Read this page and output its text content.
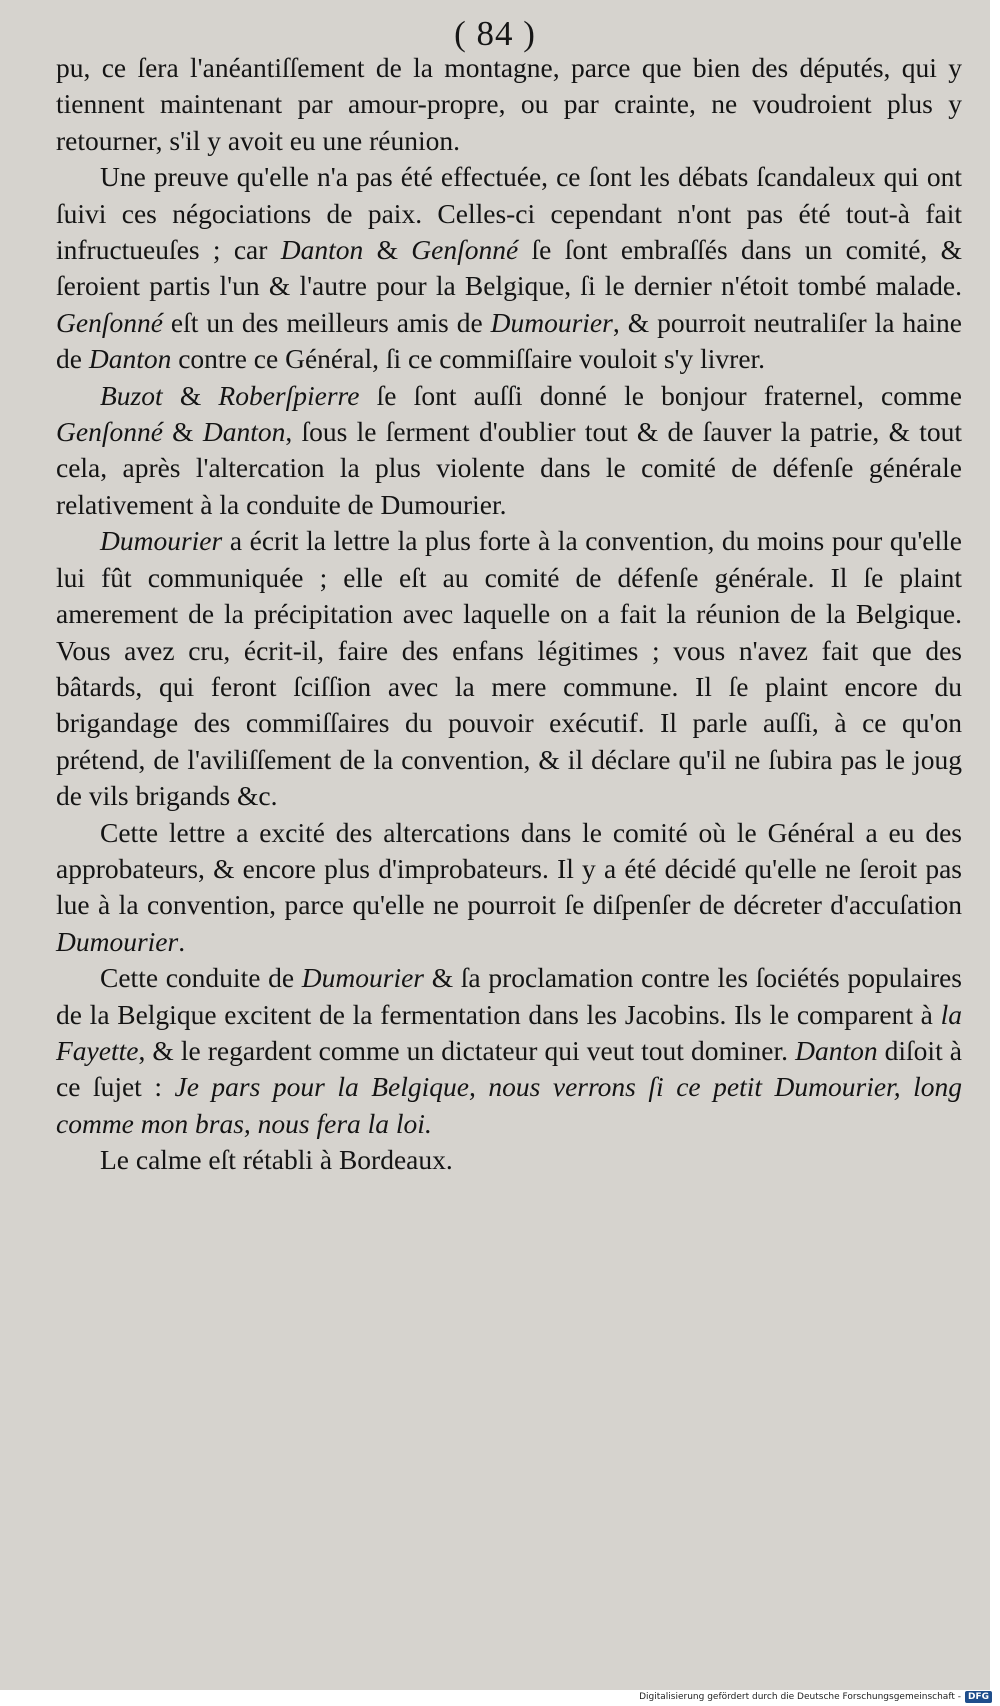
( 84 )

pu, ce ſera l'anéantiſſement de la montagne, parce que bien des députés, qui y tiennent maintenant par amour-propre, ou par crainte, ne voudroient plus y retourner, s'il y avoit eu une réunion.

Une preuve qu'elle n'a pas été effectuée, ce ſont les débats ſcandaleux qui ont ſuivi ces négociations de paix. Celles-ci cependant n'ont pas été tout-à fait infructueuſes ; car Danton & Genſonné ſe ſont embraſſés dans un comité, & ſeroient partis l'un & l'autre pour la Belgique, ſi le dernier n'étoit tombé malade. Genſonné eſt un des meilleurs amis de Dumourier, & pourroit neutraliſer la haine de Danton contre ce Général, ſi ce commiſſaire vouloit s'y livrer.

Buzot & Roberſpierre ſe ſont auſſi donné le bonjour fraternel, comme Genſonné & Danton, ſous le ſerment d'oublier tout & de ſauver la patrie, & tout cela, après l'altercation la plus violente dans le comité de défenſe générale relativement à la conduite de Dumourier.

Dumourier a écrit la lettre la plus forte à la convention, du moins pour qu'elle lui fût communiquée ; elle eſt au comité de défenſe générale. Il ſe plaint amerement de la précipitation avec laquelle on a fait la réunion de la Belgique. Vous avez cru, écrit-il, faire des enfans légitimes ; vous n'avez fait que des bâtards, qui feront ſciſſion avec la mere commune. Il ſe plaint encore du brigandage des commiſſaires du pouvoir exécutif. Il parle auſſi, à ce qu'on prétend, de l'aviliſſement de la convention, & il déclare qu'il ne ſubira pas le joug de vils brigands &c.

Cette lettre a excité des altercations dans le comité où le Général a eu des approbateurs, & encore plus d'improbateurs. Il y a été décidé qu'elle ne ſeroit pas lue à la convention, parce qu'elle ne pourroit ſe diſpenſer de décreter d'accuſation Dumourier.

Cette conduite de Dumourier & ſa proclamation contre les ſociétés populaires de la Belgique excitent de la fermentation dans les Jacobins. Ils le comparent à la Fayette, & le regardent comme un dictateur qui veut tout dominer. Danton diſoit à ce ſujet : Je pars pour la Belgique, nous verrons ſi ce petit Dumourier, long comme mon bras, nous fera la loi.

Le calme eſt rétabli à Bordeaux.

Digitalisierung gefördert durch die Deutsche Forschungsgemeinschaft - DFG
